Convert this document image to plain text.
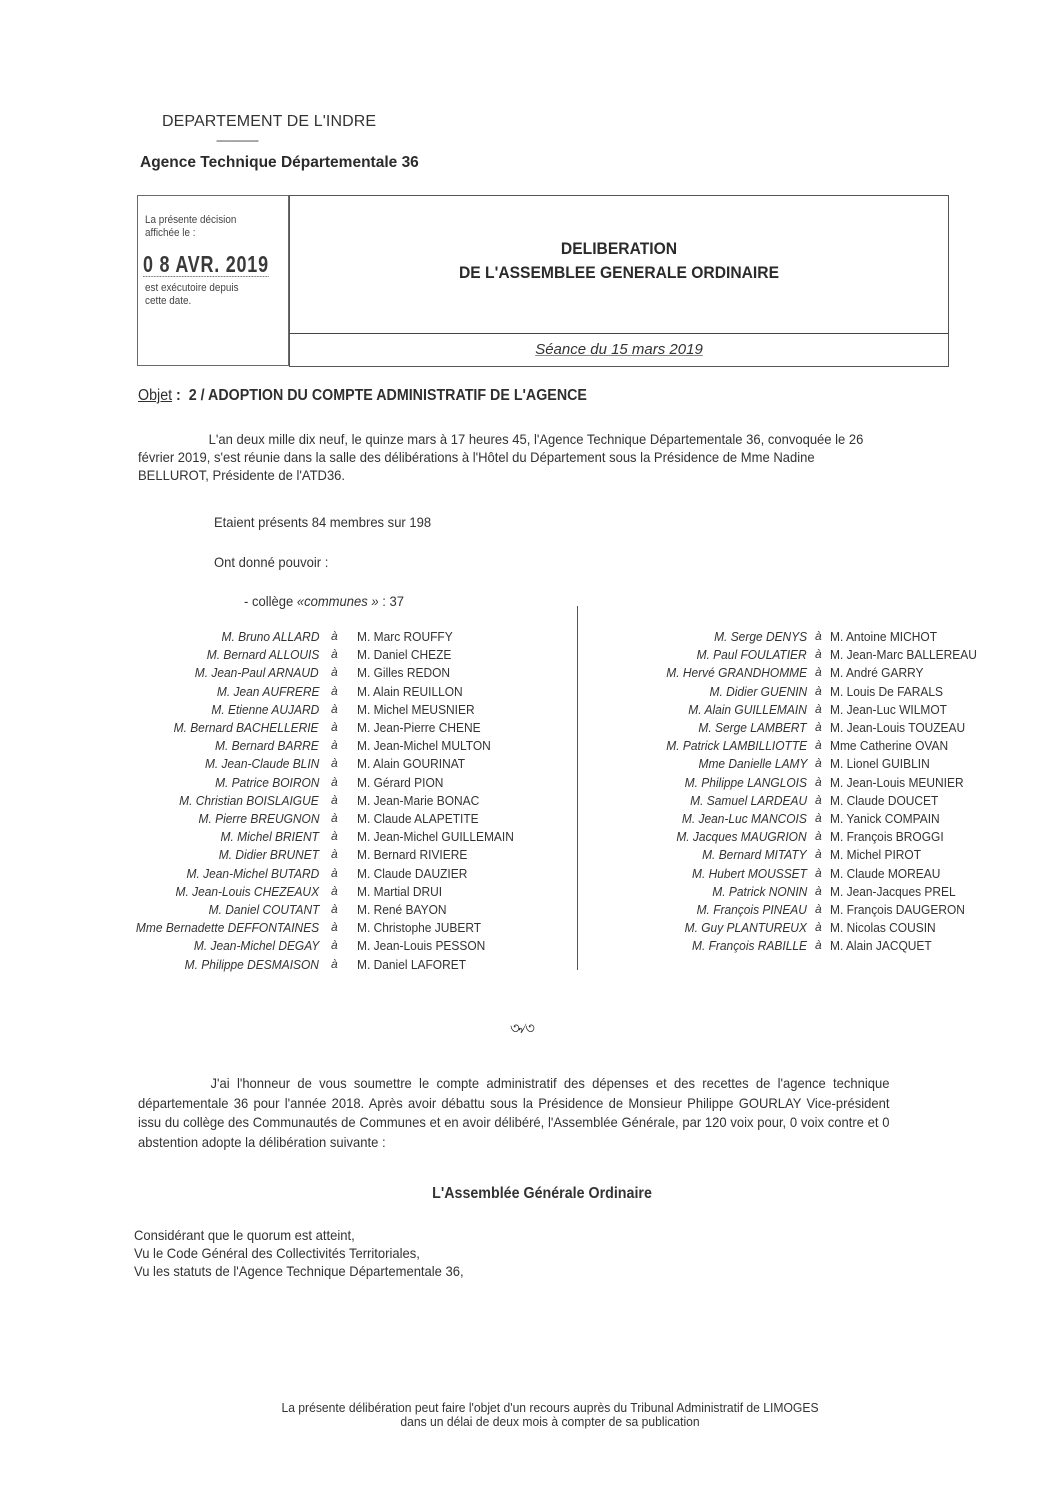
DEPARTEMENT DE L'INDRE
--------------
Agence Technique Départementale 36
La présente décision
affichée le :
0 8 AVR. 2019
est exécutoire depuis
cette date.
DELIBERATION
DE L'ASSEMBLEE GENERALE ORDINAIRE
Séance du 15 mars 2019
Objet :  2 / ADOPTION DU COMPTE ADMINISTRATIF DE L'AGENCE

L'an deux mille dix neuf, le quinze mars à 17 heures 45, l'Agence Technique Départementale 36, convoquée le 26 février 2019, s'est réunie dans la salle des délibérations à l'Hôtel du Département sous la Présidence de Mme Nadine BELLUROT, Présidente de l'ATD36.

Etaient présents 84 membres sur 198
Ont donné pouvoir :
- collège «communes » : 37
M. Bruno ALLARD à M. Marc ROUFFY
M. Bernard ALLOUIS à M. Daniel CHEZE
M. Jean-Paul ARNAUD à M. Gilles REDON
M. Jean AUFRERE à M. Alain REUILLON
M. Etienne AUJARD à M. Michel MEUSNIER
M. Bernard BACHELLERIE à M. Jean-Pierre CHENE
M. Bernard BARRE à M. Jean-Michel MULTON
M. Jean-Claude BLIN à M. Alain GOURINAT
M. Patrice BOIRON à M. Gérard PION
M. Christian BOISLAIGUE à M. Jean-Marie BONAC
M. Pierre BREUGNON à M. Claude ALAPETITE
M. Michel BRIENT à M. Jean-Michel GUILLEMAIN
M. Didier BRUNET à M. Bernard RIVIERE
M. Jean-Michel BUTARD à M. Claude DAUZIER
M. Jean-Louis CHEZEAUX à M. Martial DRUI
M. Daniel COUTANT à M. René BAYON
Mme Bernadette DEFFONTAINES à M. Christophe JUBERT
M. Jean-Michel DEGAY à M. Jean-Louis PESSON
M. Philippe DESMAISON à M. Daniel LAFORET
M. Serge DENYS à M. Antoine MICHOT
M. Paul FOULATIER à M. Jean-Marc BALLEREAU
M. Hervé GRANDHOMME à M. André GARRY
M. Didier GUENIN à M. Louis De FARALS
M. Alain GUILLEMAIN à M. Jean-Luc WILMOT
M. Serge LAMBERT à M. Jean-Louis TOUZEAU
M. Patrick LAMBILLIOTTE à Mme Catherine OVAN
Mme Danielle LAMY à M. Lionel GUIBLIN
M. Philippe LANGLOIS à M. Jean-Louis MEUNIER
M. Samuel LARDEAU à M. Claude DOUCET
M. Jean-Luc MANCOIS à M. Yanick COMPAIN
M. Jacques MAUGRION à M. François BROGGI
M. Bernard MITATY à M. Michel PIROT
M. Hubert MOUSSET à M. Claude MOREAU
M. Patrick NONIN à M. Jean-Jacques PREL
M. François PINEAU à M. François DAUGERON
M. Guy PLANTUREUX à M. Nicolas COUSIN
M. François RABILLE à M. Alain JACQUET
৩৵৩

J'ai l'honneur de vous soumettre le compte administratif des dépenses et des recettes de l'agence technique départementale 36 pour l'année 2018. Après avoir débattu sous la Présidence de Monsieur Philippe GOURLAY Vice-président issu du collège des Communautés de Communes et en avoir délibéré, l'Assemblée Générale, par 120 voix pour, 0 voix contre et 0 abstention adopte la délibération suivante :

L'Assemblée Générale Ordinaire
Considérant que le quorum est atteint,
Vu le Code Général des Collectivités Territoriales,
Vu les statuts de l'Agence Technique Départementale 36,
La présente délibération peut faire l'objet d'un recours auprès du Tribunal Administratif de LIMOGES
dans un délai de deux mois à compter de sa publication
